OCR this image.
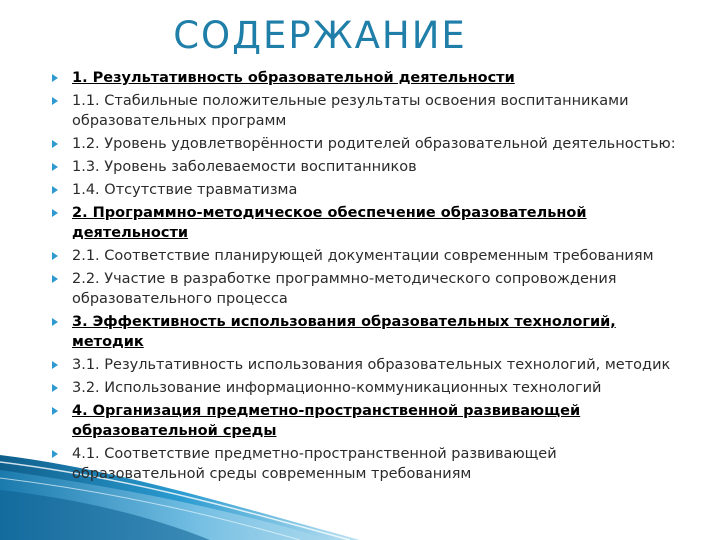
СОДЕРЖАНИЕ
1. Результативность образовательной деятельности
1.1. Стабильные положительные результаты освоения воспитанниками образовательных программ
1.2. Уровень удовлетворённости родителей образовательной деятельностью:
1.3. Уровень заболеваемости воспитанников
1.4. Отсутствие травматизма
2. Программно-методическое обеспечение образовательной деятельности
2.1. Соответствие планирующей документации современным требованиям
2.2. Участие в разработке программно-методического сопровождения образовательного процесса
3. Эффективность использования образовательных технологий, методик
3.1. Результативность использования образовательных технологий, методик
3.2. Использование информационно-коммуникационных технологий
4. Организация предметно-пространственной развивающей образовательной среды
4.1. Соответствие предметно-пространственной развивающей образовательной среды современным требованиям
